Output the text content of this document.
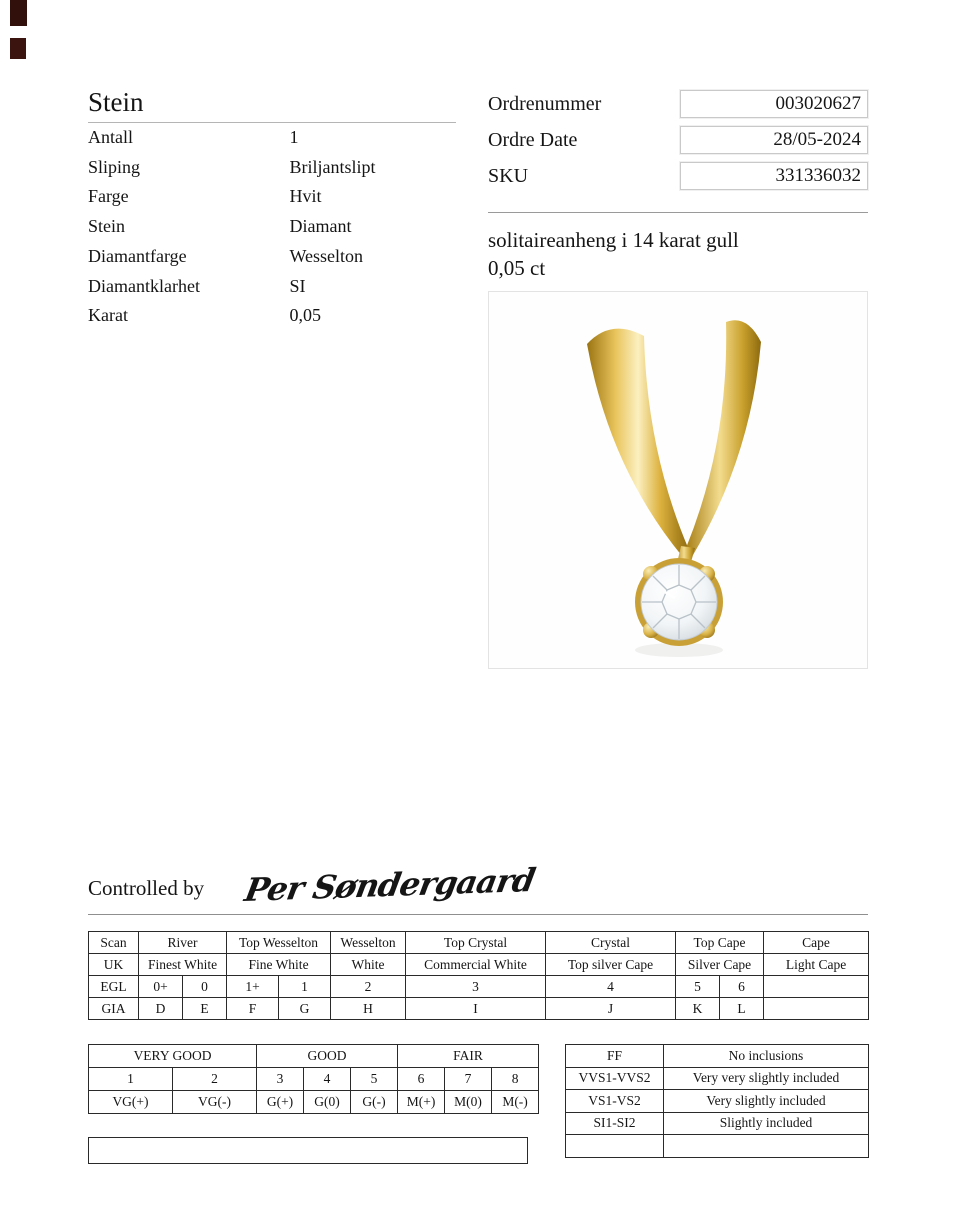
Stein
Antall	1
Sliping	Briljantslipt
Farge	Hvit
Stein	Diamant
Diamantfarge	Wesselton
Diamantklarhet	SI
Karat	0,05
Ordrenummer	003020627
Ordre Date	28/05-2024
SKU	331336032
solitaireanheng i 14 karat gull
0,05 ct
Controlled by Per Søndergaard
Scan	River		Top Wesselton		Wesselton	Top Crystal	Crystal	Top Cape		Cape
UK	Finest White		Fine White		White	Commercial White	Top silver Cape	Silver Cape		Light Cape
EGL	0+	0	1+	1	2	3	4	5	6	
GIA	D	E	F	G	H	I	J	K	L	
VERY GOOD		GOOD			FAIR		
1	2	3	4	5	6	7	8
VG(+)	VG(-)	G(+)	G(0)	G(-)	M(+)	M(0)	M(-)
FF	No inclusions
VVS1-VVS2	Very very slightly included
VS1-VS2	Very slightly included
SI1-SI2	Slightly included
